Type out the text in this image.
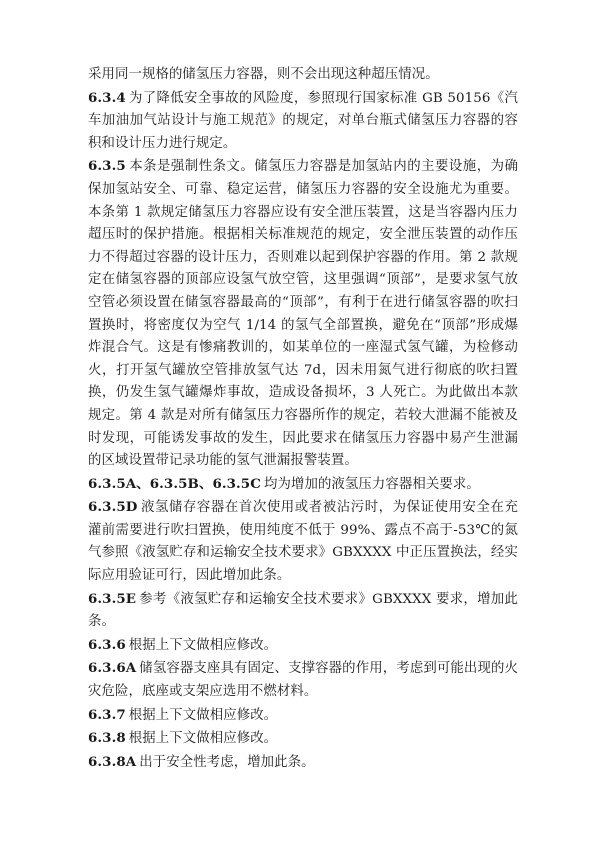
采用同一规格的储氢压力容器，则不会出现这种超压情况。

6.3.4 为了降低安全事故的风险度，参照现行国家标准 GB 50156《汽车加油加气站设计与施工规范》的规定，对单台瓶式储氢压力容器的容积和设计压力进行规定。

6.3.5 本条是强制性条文。储氢压力容器是加氢站内的主要设施，为确保加氢站安全、可靠、稳定运营，储氢压力容器的安全设施尤为重要。本条第 1 款规定储氢压力容器应设有安全泄压装置，这是当容器内压力超压时的保护措施。根据相关标准规范的规定，安全泄压装置的动作压力不得超过容器的设计压力，否则难以起到保护容器的作用。第 2 款规定在储氢容器的顶部应设氢气放空管，这里强调“顶部”，是要求氢气放空管必须设置在储氢容器最高的“顶部”，有利于在进行储氢容器的吹扫置换时，将密度仅为空气 1/14 的氢气全部置换，避免在“顶部”形成爆炸混合气。这是有惨痛教训的，如某单位的一座湿式氢气罐，为检修动火，打开氢气罐放空管排放氢气达 7d，因未用氮气进行彻底的吹扫置换，仍发生氢气罐爆炸事故，造成设备损坏，3 人死亡。为此做出本款规定。第 4 款是对所有储氢压力容器所作的规定，若较大泄漏不能被及时发现，可能诱发事故的发生，因此要求在储氢压力容器中易产生泄漏的区域设置带记录功能的氢气泄漏报警装置。

6.3.5A、6.3.5B、6.3.5C 均为增加的液氢压力容器相关要求。

6.3.5D 液氢储存容器在首次使用或者被沾污时，为保证使用安全在充灌前需要进行吹扫置换，使用纯度不低于 99%、露点不高于-53℃的氮气参照《液氢贮存和运输安全技术要求》GBXXXX 中正压置换法，经实际应用验证可行，因此增加此条。

6.3.5E 参考《液氢贮存和运输安全技术要求》GBXXXX 要求，增加此条。

6.3.6 根据上下文做相应修改。

6.3.6A 储氢容器支座具有固定、支撑容器的作用，考虑到可能出现的火灾危险，底座或支架应选用不燃材料。

6.3.7 根据上下文做相应修改。

6.3.8 根据上下文做相应修改。

6.3.8A 出于安全性考虑，增加此条。
